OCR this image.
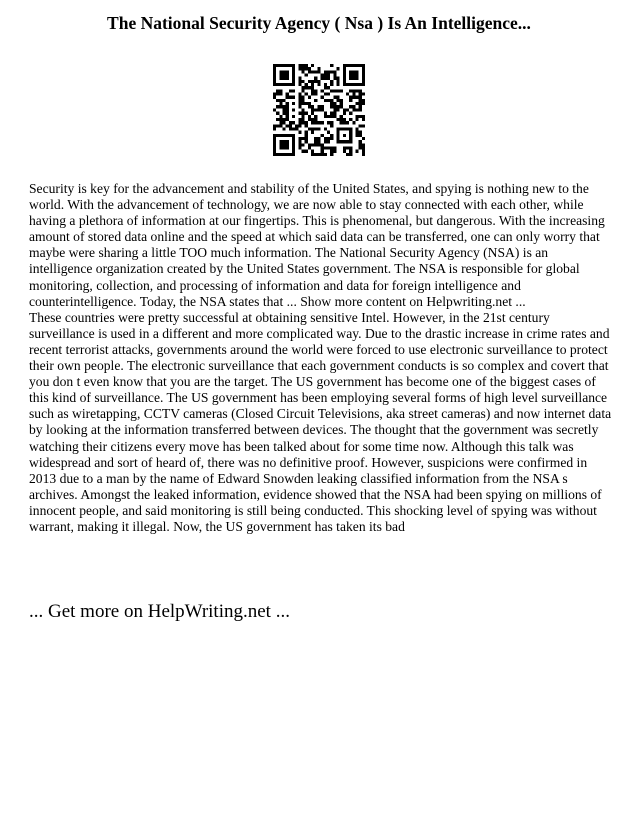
The National Security Agency ( Nsa ) Is An Intelligence...

Security is key for the advancement and stability of the United States, and spying is nothing new to the world. With the advancement of technology, we are now able to stay connected with each other, while having a plethora of information at our fingertips. This is phenomenal, but dangerous. With the increasing amount of stored data online and the speed at which said data can be transferred, one can only worry that maybe were sharing a little TOO much information. The National Security Agency (NSA) is an intelligence organization created by the United States government. The NSA is responsible for global monitoring, collection, and processing of information and data for foreign intelligence and counterintelligence. Today, the NSA states that ... Show more content on Helpwriting.net ...

These countries were pretty successful at obtaining sensitive Intel. However, in the 21st century surveillance is used in a different and more complicated way. Due to the drastic increase in crime rates and recent terrorist attacks, governments around the world were forced to use electronic surveillance to protect their own people. The electronic surveillance that each government conducts is so complex and covert that you don t even know that you are the target. The US government has become one of the biggest cases of this kind of surveillance. The US government has been employing several forms of high level surveillance such as wiretapping, CCTV cameras (Closed Circuit Televisions, aka street cameras) and now internet data by looking at the information transferred between devices. The thought that the government was secretly watching their citizens every move has been talked about for some time now. Although this talk was widespread and sort of heard of, there was no definitive proof. However, suspicions were confirmed in 2013 due to a man by the name of Edward Snowden leaking classified information from the NSA s archives. Amongst the leaked information, evidence showed that the NSA had been spying on millions of innocent people, and said monitoring is still being conducted. This shocking level of spying was without warrant, making it illegal. Now, the US government has taken its bad

... Get more on HelpWriting.net ...
